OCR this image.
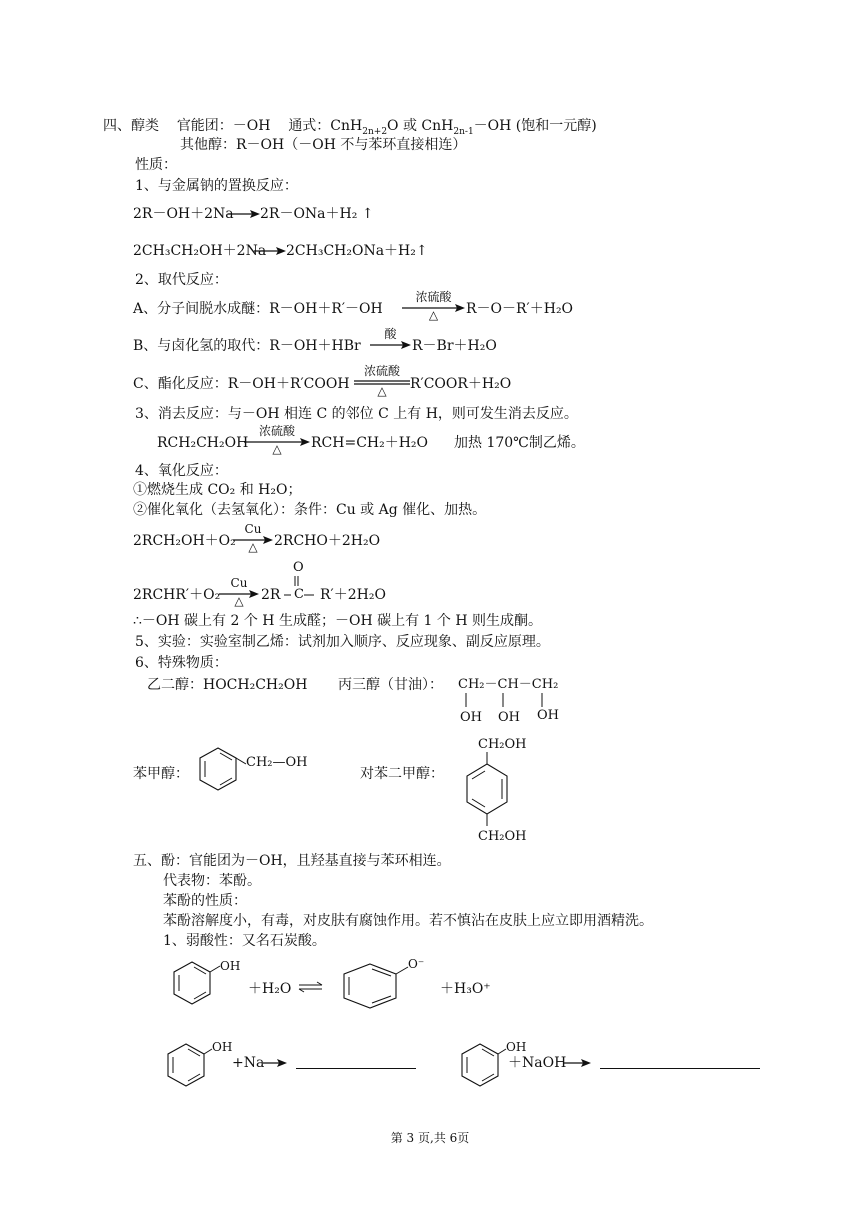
四、醇类 官能团：－OH 通式：CnH$_{2n+2}$O 或 CnH$_{2n-1}$－OH (饱和一元醇)
其他醇：R－OH（－OH 不与苯环直接相连）
性质：
1、与金属钠的置换反应：
2R－OH＋2Na 2R－ONa＋H₂ ↑
2CH₃CH₂OH＋2Na 2CH₃CH₂ONa＋H₂↑
2、取代反应：
A、分子间脱水成醚：R－OH＋R′－OH
浓硫酸
△	R－O－R′＋H₂O
B、与卤化氢的取代：R－OH＋HBr
酸
R－Br＋H₂O
C、酯化反应：R－OH＋R′COOH
浓硫酸
△	R′COOR＋H₂O
3、消去反应：与－OH 相连 C 的邻位 C 上有 H，则可发生消去反应。
RCH₂CH₂OH
浓硫酸
△	RCH=CH₂＋H₂O 加热 170℃制乙烯。
4、氧化反应：
①燃烧生成 CO₂ 和 H₂O；
②催化氧化（去氢氧化）：条件：Cu 或 Ag 催化、加热。
2RCH₂OH＋O₂
Cu
△	2RCHO＋2H₂O
2RCHR′＋O₂
Cu
△	2R
O
C R′＋2H₂O
∴－OH 碳上有 2 个 H 生成醛；－OH 碳上有 1 个 H 则生成酮。
5、实验：实验室制乙烯：试剂加入顺序、反应现象、副反应原理。
6、特殊物质：
乙二醇：HOCH₂CH₂OH 丙三醇（甘油）： CH₂－CH－CH₂
OH OH OH
苯甲醇：
CH₂—OH
对苯二甲醇：
CH₂OH
CH₂OH
五、酚：官能团为－OH，且羟基直接与苯环相连。
代表物：苯酚。
苯酚的性质：
苯酚溶解度小，有毒，对皮肤有腐蚀作用。若不慎沾在皮肤上应立即用酒精洗。
1、弱酸性：又名石炭酸。
OH
＋H₂O ⇌
O⁻
＋H₃O⁺
OH
+Na
OH
＋NaOH
第 3 页,共 6页
